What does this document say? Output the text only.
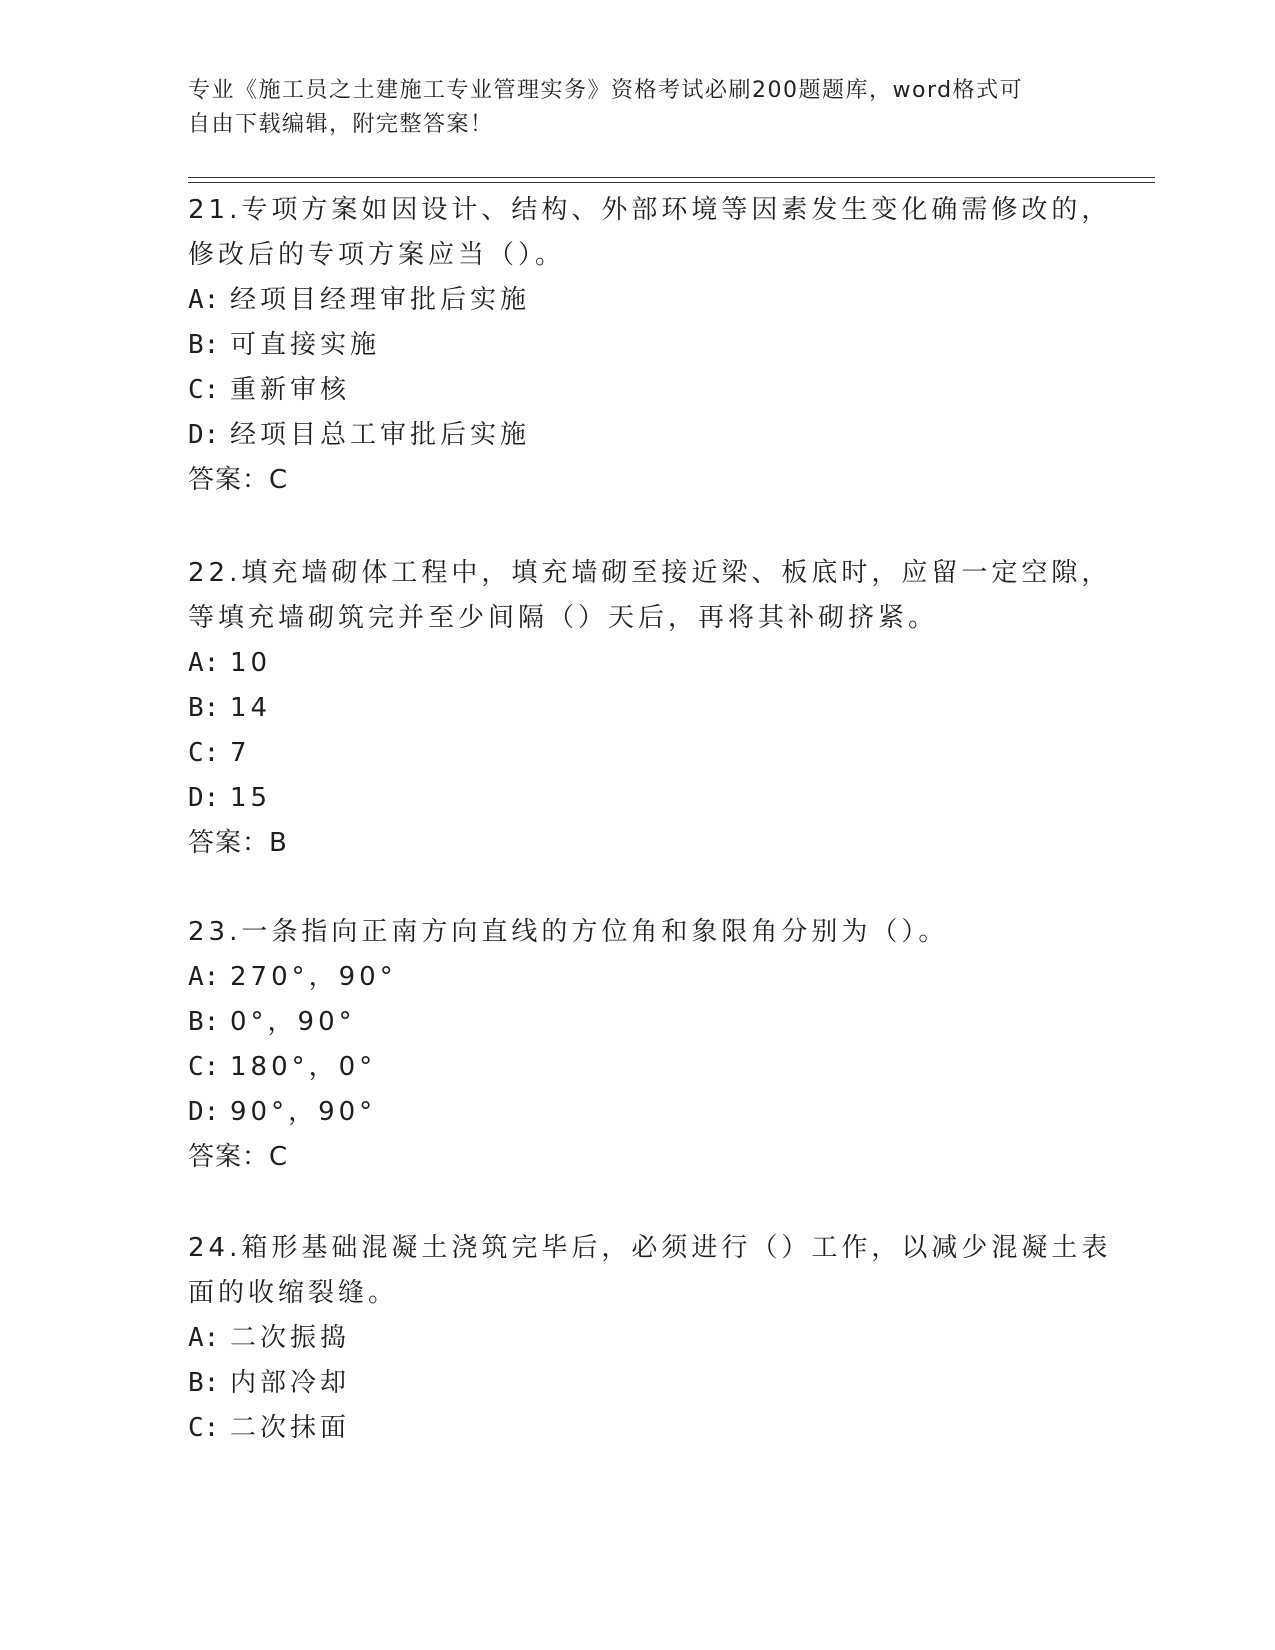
专业《施工员之土建施工专业管理实务》资格考试必刷200题题库，word格式可
自由下载编辑，附完整答案！
21.专项方案如因设计、结构、外部环境等因素发生变化确需修改的，
修改后的专项方案应当（）。
A: 经项目经理审批后实施
B: 可直接实施
C: 重新审核
D: 经项目总工审批后实施
答案：C
22.填充墙砌体工程中，填充墙砌至接近梁、板底时，应留一定空隙，
等填充墙砌筑完并至少间隔（）天后，再将其补砌挤紧。
A: 10
B: 14
C: 7
D: 15
答案：B
23.一条指向正南方向直线的方位角和象限角分别为（）。
A: 270°，90°
B: 0°，90°
C: 180°，0°
D: 90°，90°
答案：C
24.箱形基础混凝土浇筑完毕后，必须进行（）工作，以减少混凝土表
面的收缩裂缝。
A: 二次振捣
B: 内部冷却
C: 二次抹面
